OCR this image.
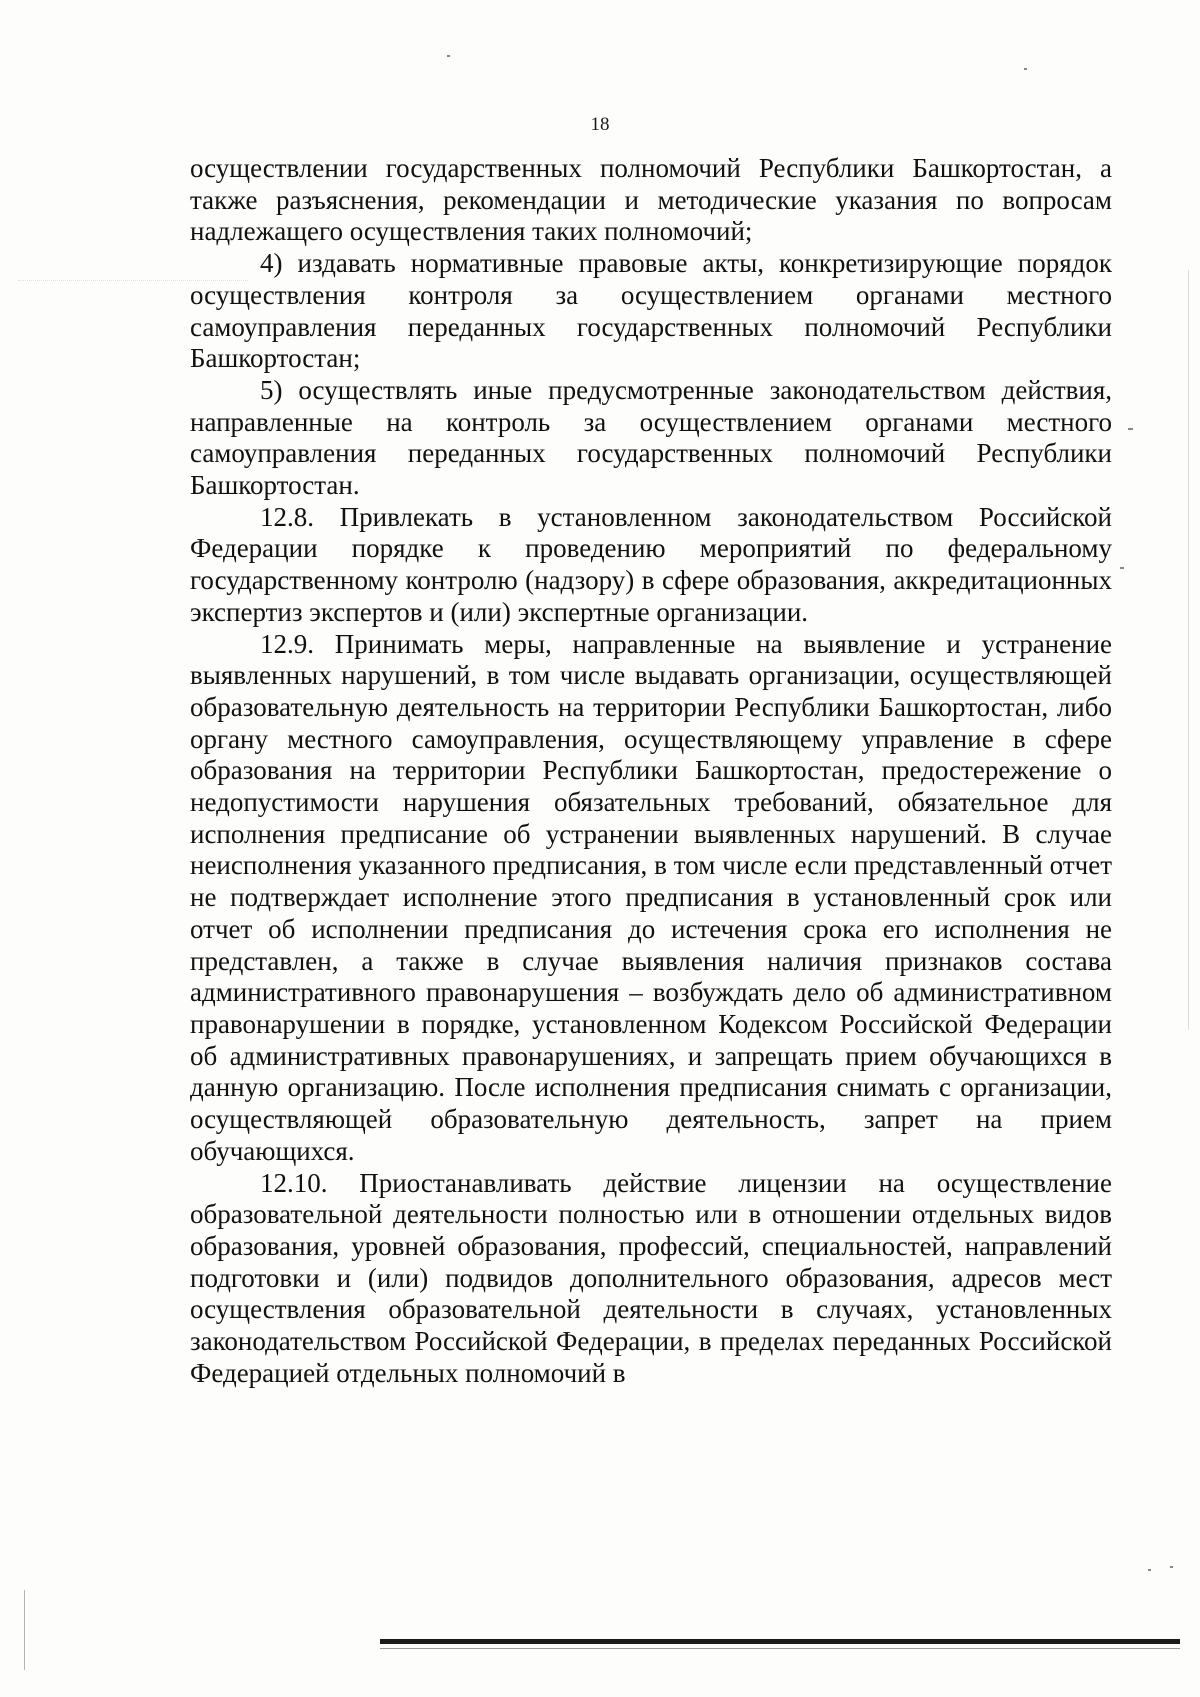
18

осуществлении государственных полномочий Республики Башкортостан, а также разъяснения, рекомендации и методические указания по вопросам надлежащего осуществления таких полномочий;

4) издавать нормативные правовые акты, конкретизирующие порядок осуществления контроля за осуществлением органами местного самоуправления переданных государственных полномочий Республики Башкортостан;

5) осуществлять иные предусмотренные законодательством действия, направленные на контроль за осуществлением органами местного самоуправления переданных государственных полномочий Республики Башкортостан.

12.8. Привлекать в установленном законодательством Российской Федерации порядке к проведению мероприятий по федеральному государственному контролю (надзору) в сфере образования, аккредитационных экспертиз экспертов и (или) экспертные организации.

12.9. Принимать меры, направленные на выявление и устранение выявленных нарушений, в том числе выдавать организации, осуществляющей образовательную деятельность на территории Республики Башкортостан, либо органу местного самоуправления, осуществляющему управление в сфере образования на территории Республики Башкортостан, предостережение о недопустимости нарушения обязательных требований, обязательное для исполнения предписание об устранении выявленных нарушений. В случае неисполнения указанного предписания, в том числе если представленный отчет не подтверждает исполнение этого предписания в установленный срок или отчет об исполнении предписания до истечения срока его исполнения не представлен, а также в случае выявления наличия признаков состава административного правонарушения – возбуждать дело об административном правонарушении в порядке, установленном Кодексом Российской Федерации об административных правонарушениях, и запрещать прием обучающихся в данную организацию. После исполнения предписания снимать с организации, осуществляющей образовательную деятельность, запрет на прием обучающихся.

12.10. Приостанавливать действие лицензии на осуществление образовательной деятельности полностью или в отношении отдельных видов образования, уровней образования, профессий, специальностей, направлений подготовки и (или) подвидов дополнительного образования, адресов мест осуществления образовательной деятельности в случаях, установленных законодательством Российской Федерации, в пределах переданных Российской Федерацией отдельных полномочий в
